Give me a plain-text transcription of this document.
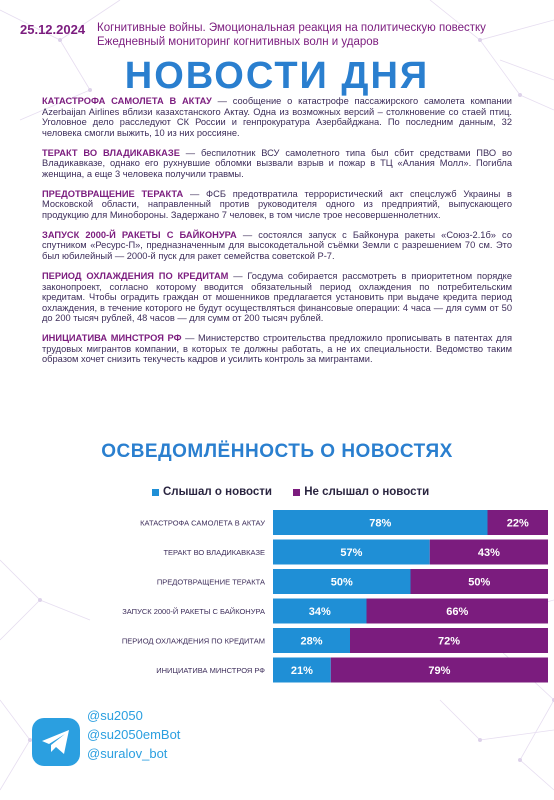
25.12.2024 Когнитивные войны. Эмоциональная реакция на политическую повестку
Ежедневный мониторинг когнитивных волн и ударов
НОВОСТИ ДНЯ

КАТАСТРОФА САМОЛЕТА В АКТАУ — сообщение о катастрофе пассажирского самолета компании Azerbaijan Airlines вблизи казахстанского Актау. Одна из возможных версий – столкновение со стаей птиц. Уголовное дело расследуют СК России и генпрокуратура Азербайджана. По последним данным, 32 человека смогли выжить, 10 из них россияне.

ТЕРАКТ ВО ВЛАДИКАВКАЗЕ — беспилотник ВСУ самолетного типа был сбит средствами ПВО во Владикавказе, однако его рухнувшие обломки вызвали взрыв и пожар в ТЦ «Алания Молл». Погибла женщина, а еще 3 человека получили травмы.

ПРЕДОТВРАЩЕНИЕ ТЕРАКТА — ФСБ предотвратила террористический акт спецслужб Украины в Московской области, направленный против руководителя одного из предприятий, выпускающего продукцию для Минобороны. Задержано 7 человек, в том числе трое несовершеннолетних.

ЗАПУСК 2000-Й РАКЕТЫ С БАЙКОНУРА — состоялся запуск с Байконура ракеты «Союз-2.1б» со спутником «Ресурс-П», предназначенным для высокодетальной съёмки Земли с разрешением 70 см. Это был юбилейный — 2000-й пуск для ракет семейства советской Р-7.

ПЕРИОД ОХЛАЖДЕНИЯ ПО КРЕДИТАМ — Госдума собирается рассмотреть в приоритетном порядке законопроект, согласно которому вводится обязательный период охлаждения по потребительским кредитам. Чтобы оградить граждан от мошенников предлагается установить при выдаче кредита период охлаждения, в течение которого не будут осуществляться финансовые операции: 4 часа — для сумм от 50 до 200 тысяч рублей, 48 часов — для сумм от 200 тысяч рублей.

ИНИЦИАТИВА МИНСТРОЯ РФ — Министерство строительства предложило прописывать в патентах для трудовых мигрантов компании, в которых те должны работать, а не их специальности. Ведомство таким образом хочет снизить текучесть кадров и усилить контроль за мигрантами.

ОСВЕДОМЛЁННОСТЬ О НОВОСТЯХ
Слышал о новости
	Не слышал о новости
КАТАСТРОФА САМОЛЕТА В АКТАУ	78%	22%
ТЕРАКТ ВО ВЛАДИКАВКАЗЕ	57%	43%
ПРЕДОТВРАЩЕНИЕ ТЕРАКТА	50%	50%
ЗАПУСК 2000-Й РАКЕТЫ С БАЙКОНУРА	34%	66%
ПЕРИОД ОХЛАЖДЕНИЯ ПО КРЕДИТАМ	28%	72%
ИНИЦИАТИВА МИНСТРОЯ РФ 21%	79%
@su2050
@su2050emBot
@suralov_bot
